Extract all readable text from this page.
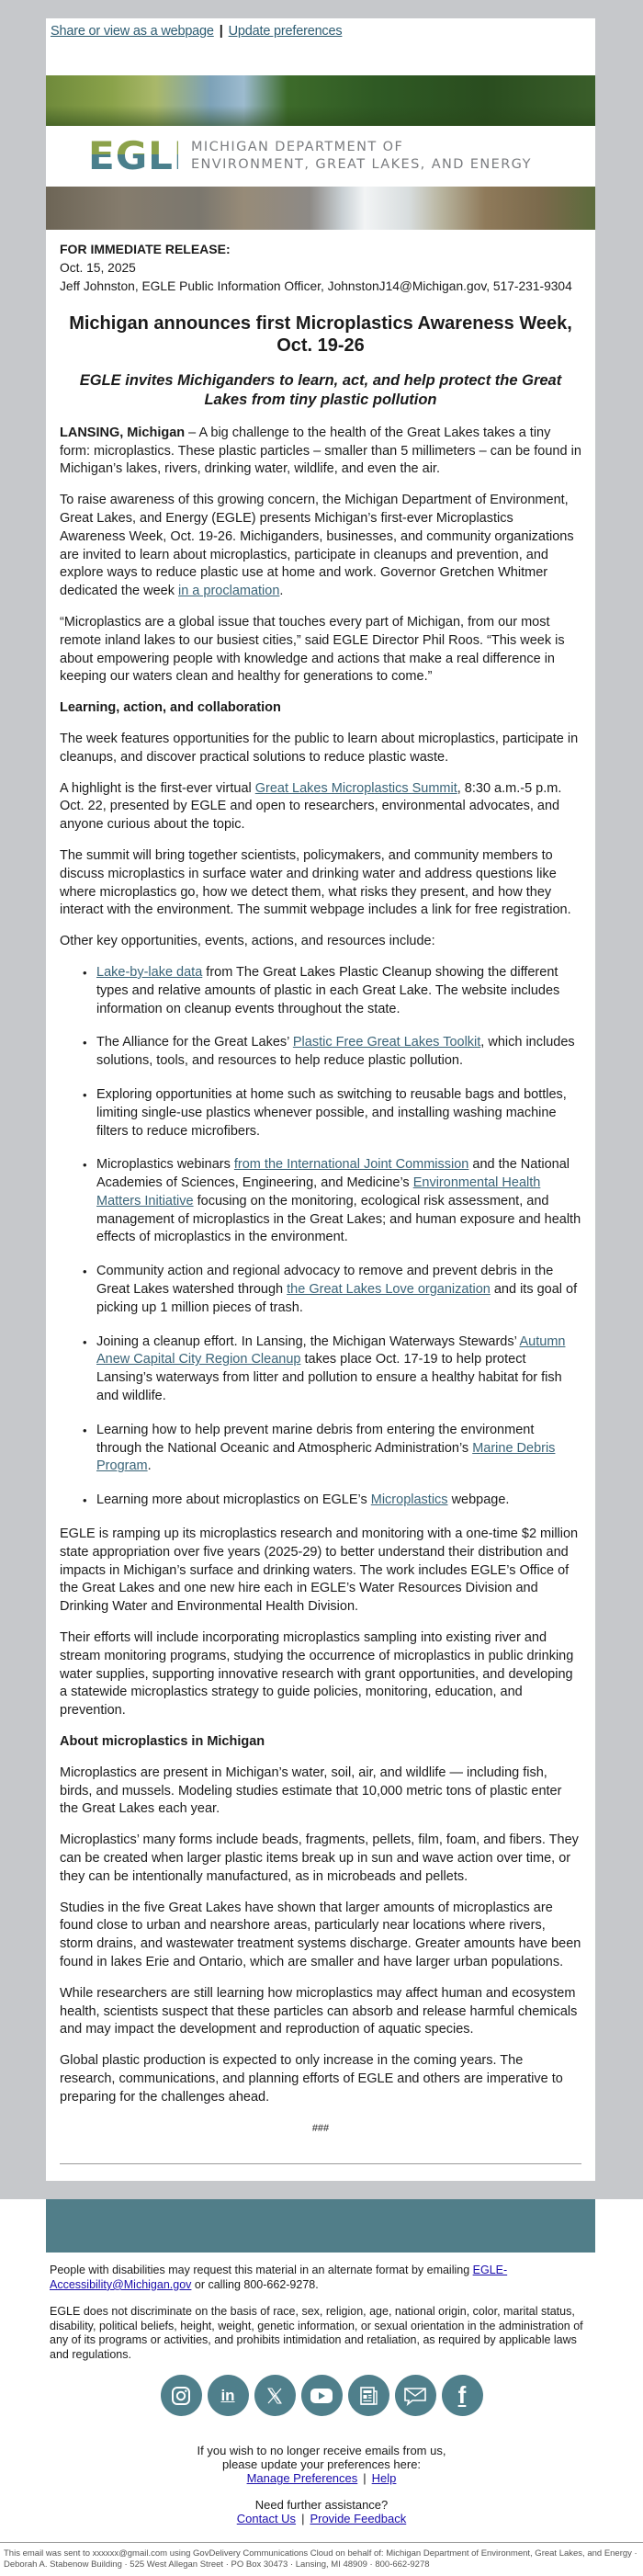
Share or view as a webpage | Update preferences
EGLE
MICHIGAN DEPARTMENT OF
ENVIRONMENT, GREAT LAKES, AND ENERGY
FOR IMMEDIATE RELEASE:
Oct. 15, 2025
Jeff Johnston, EGLE Public Information Officer, JohnstonJ14@Michigan.gov, 517-231-9304
Michigan announces first Microplastics Awareness Week, Oct. 19-26
EGLE invites Michiganders to learn, act, and help protect the Great Lakes from tiny plastic pollution

LANSING, Michigan – A big challenge to the health of the Great Lakes takes a tiny form: microplastics. These plastic particles – smaller than 5 millimeters – can be found in Michigan’s lakes, rivers, drinking water, wildlife, and even the air.

To raise awareness of this growing concern, the Michigan Department of Environment, Great Lakes, and Energy (EGLE) presents Michigan’s first-ever Microplastics Awareness Week, Oct. 19-26. Michiganders, businesses, and community organizations are invited to learn about microplastics, participate in cleanups and prevention, and explore ways to reduce plastic use at home and work. Governor Gretchen Whitmer dedicated the week in a proclamation.

“Microplastics are a global issue that touches every part of Michigan, from our most remote inland lakes to our busiest cities,” said EGLE Director Phil Roos. “This week is about empowering people with knowledge and actions that make a real difference in keeping our waters clean and healthy for generations to come.”

Learning, action, and collaboration

The week features opportunities for the public to learn about microplastics, participate in cleanups, and discover practical solutions to reduce plastic waste.

A highlight is the first-ever virtual Great Lakes Microplastics Summit, 8:30 a.m.-5 p.m. Oct. 22, presented by EGLE and open to researchers, environmental advocates, and anyone curious about the topic.

The summit will bring together scientists, policymakers, and community members to discuss microplastics in surface water and drinking water and address questions like where microplastics go, how we detect them, what risks they present, and how they interact with the environment. The summit webpage includes a link for free registration.

Other key opportunities, events, actions, and resources include:

• Lake-by-lake data from The Great Lakes Plastic Cleanup showing the different types and relative amounts of plastic in each Great Lake. The website includes information on cleanup events throughout the state.
• The Alliance for the Great Lakes’ Plastic Free Great Lakes Toolkit, which includes solutions, tools, and resources to help reduce plastic pollution.
• Exploring opportunities at home such as switching to reusable bags and bottles, limiting single-use plastics whenever possible, and installing washing machine filters to reduce microfibers.
• Microplastics webinars from the International Joint Commission and the National Academies of Sciences, Engineering, and Medicine’s Environmental Health Matters Initiative focusing on the monitoring, ecological risk assessment, and management of microplastics in the Great Lakes; and human exposure and health effects of microplastics in the environment.
• Community action and regional advocacy to remove and prevent debris in the Great Lakes watershed through the Great Lakes Love organization and its goal of picking up 1 million pieces of trash.
• Joining a cleanup effort. In Lansing, the Michigan Waterways Stewards’ Autumn Anew Capital City Region Cleanup takes place Oct. 17-19 to help protect Lansing’s waterways from litter and pollution to ensure a healthy habitat for fish and wildlife.
• Learning how to help prevent marine debris from entering the environment through the National Oceanic and Atmospheric Administration’s Marine Debris Program.
• Learning more about microplastics on EGLE’s Microplastics webpage.

EGLE is ramping up its microplastics research and monitoring with a one-time $2 million state appropriation over five years (2025-29) to better understand their distribution and impacts in Michigan’s surface and drinking waters. The work includes EGLE’s Office of the Great Lakes and one new hire each in EGLE’s Water Resources Division and Drinking Water and Environmental Health Division.

Their efforts will include incorporating microplastics sampling into existing river and stream monitoring programs, studying the occurrence of microplastics in public drinking water supplies, supporting innovative research with grant opportunities, and developing a statewide microplastics strategy to guide policies, monitoring, education, and prevention.

About microplastics in Michigan

Microplastics are present in Michigan’s water, soil, air, and wildlife — including fish, birds, and mussels. Modeling studies estimate that 10,000 metric tons of plastic enter the Great Lakes each year.

Microplastics’ many forms include beads, fragments, pellets, film, foam, and fibers. They can be created when larger plastic items break up in sun and wave action over time, or they can be intentionally manufactured, as in microbeads and pellets.

Studies in the five Great Lakes have shown that larger amounts of microplastics are found close to urban and nearshore areas, particularly near locations where rivers, storm drains, and wastewater treatment systems discharge. Greater amounts have been found in lakes Erie and Ontario, which are smaller and have larger urban populations.

While researchers are still learning how microplastics may affect human and ecosystem health, scientists suspect that these particles can absorb and release harmful chemicals and may impact the development and reproduction of aquatic species.

Global plastic production is expected to only increase in the coming years. The research, communications, and planning efforts of EGLE and others are imperative to preparing for the challenges ahead.

###

People with disabilities may request this material in an alternate format by emailing EGLE-Accessibility@Michigan.gov or calling 800-662-9278.

EGLE does not discriminate on the basis of race, sex, religion, age, national origin, color, marital status, disability, political beliefs, height, weight, genetic information, or sexual orientation in the administration of any of its programs or activities, and prohibits intimidation and retaliation, as required by applicable laws and regulations.

in	f
If you wish to no longer receive emails from us,
please update your preferences here:
Manage Preferences | Help
Need further assistance?
Contact Us | Provide Feedback
This email was sent to xxxxxx@gmail.com using GovDelivery Communications Cloud on behalf of: Michigan Department of Environment, Great Lakes, and Energy · Deborah A. Stabenow Building · 525 West Allegan Street · PO Box 30473 · Lansing, MI 48909 · 800-662-9278
